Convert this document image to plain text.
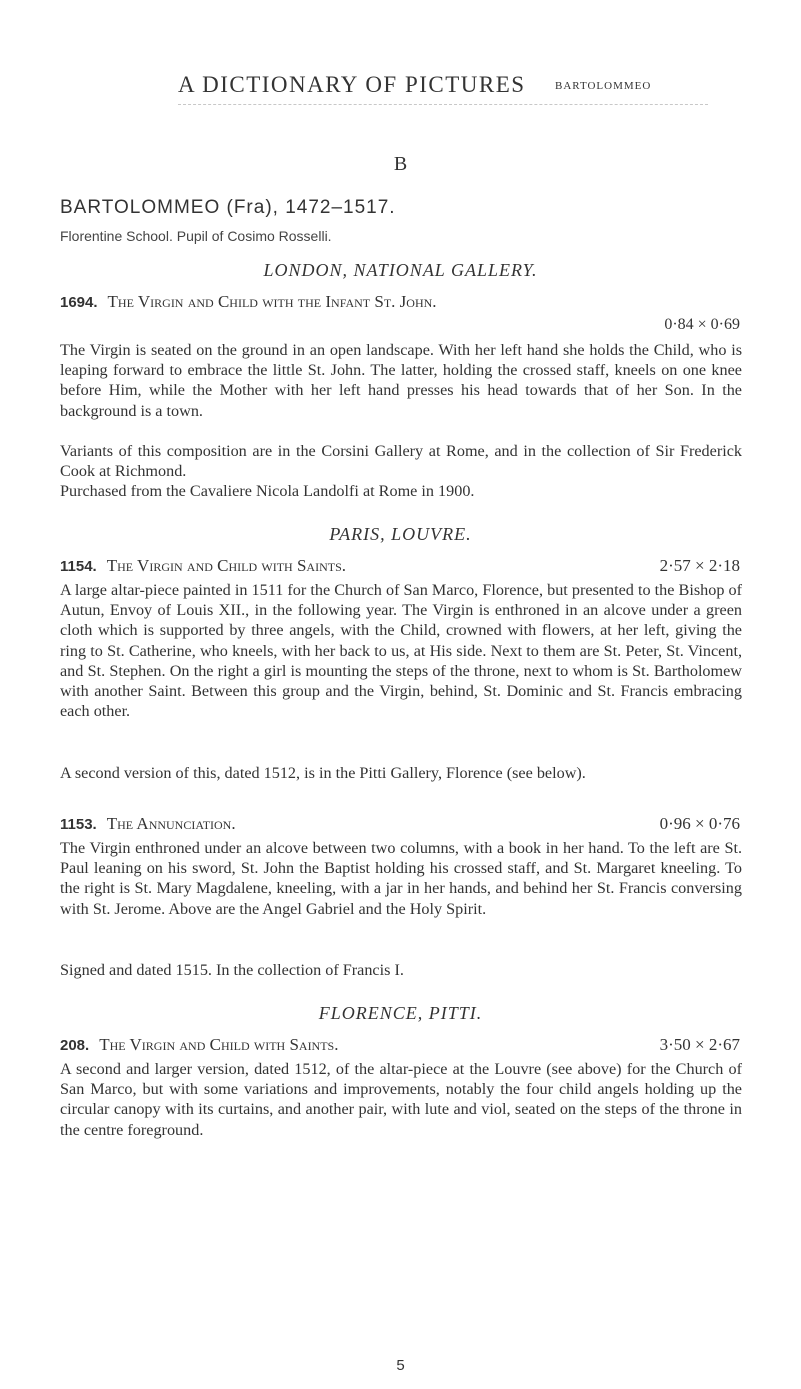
A DICTIONARY OF PICTURES	BARTOLOMMEO
B
BARTOLOMMEO (Fra), 1472–1517.
Florentine School. Pupil of Cosimo Rosselli.
LONDON, NATIONAL GALLERY.
1694. The Virgin and Child with the Infant St. John.
0·84 × 0·69
The Virgin is seated on the ground in an open landscape. With her left hand she holds the Child, who is leaping forward to embrace the little St. John. The latter, holding the crossed staff, kneels on one knee before Him, while the Mother with her left hand presses his head towards that of her Son. In the background is a town.
Variants of this composition are in the Corsini Gallery at Rome, and in the collection of Sir Frederick Cook at Richmond.
Purchased from the Cavaliere Nicola Landolfi at Rome in 1900.
PARIS, LOUVRE.
1154. The Virgin and Child with Saints.	2·57 × 2·18
A large altar-piece painted in 1511 for the Church of San Marco, Florence, but presented to the Bishop of Autun, Envoy of Louis XII., in the following year. The Virgin is enthroned in an alcove under a green cloth which is supported by three angels, with the Child, crowned with flowers, at her left, giving the ring to St. Catherine, who kneels, with her back to us, at His side. Next to them are St. Peter, St. Vincent, and St. Stephen. On the right a girl is mounting the steps of the throne, next to whom is St. Bartholomew with another Saint. Between this group and the Virgin, behind, St. Dominic and St. Francis embracing each other.
A second version of this, dated 1512, is in the Pitti Gallery, Florence (see below).
1153. The Annunciation.	0·96 × 0·76
The Virgin enthroned under an alcove between two columns, with a book in her hand. To the left are St. Paul leaning on his sword, St. John the Baptist holding his crossed staff, and St. Margaret kneeling. To the right is St. Mary Magdalene, kneeling, with a jar in her hands, and behind her St. Francis conversing with St. Jerome. Above are the Angel Gabriel and the Holy Spirit.
Signed and dated 1515. In the collection of Francis I.
FLORENCE, PITTI.
208. The Virgin and Child with Saints.	3·50 × 2·67
A second and larger version, dated 1512, of the altar-piece at the Louvre (see above) for the Church of San Marco, but with some variations and improvements, notably the four child angels holding up the circular canopy with its curtains, and another pair, with lute and viol, seated on the steps of the throne in the centre foreground.
5
